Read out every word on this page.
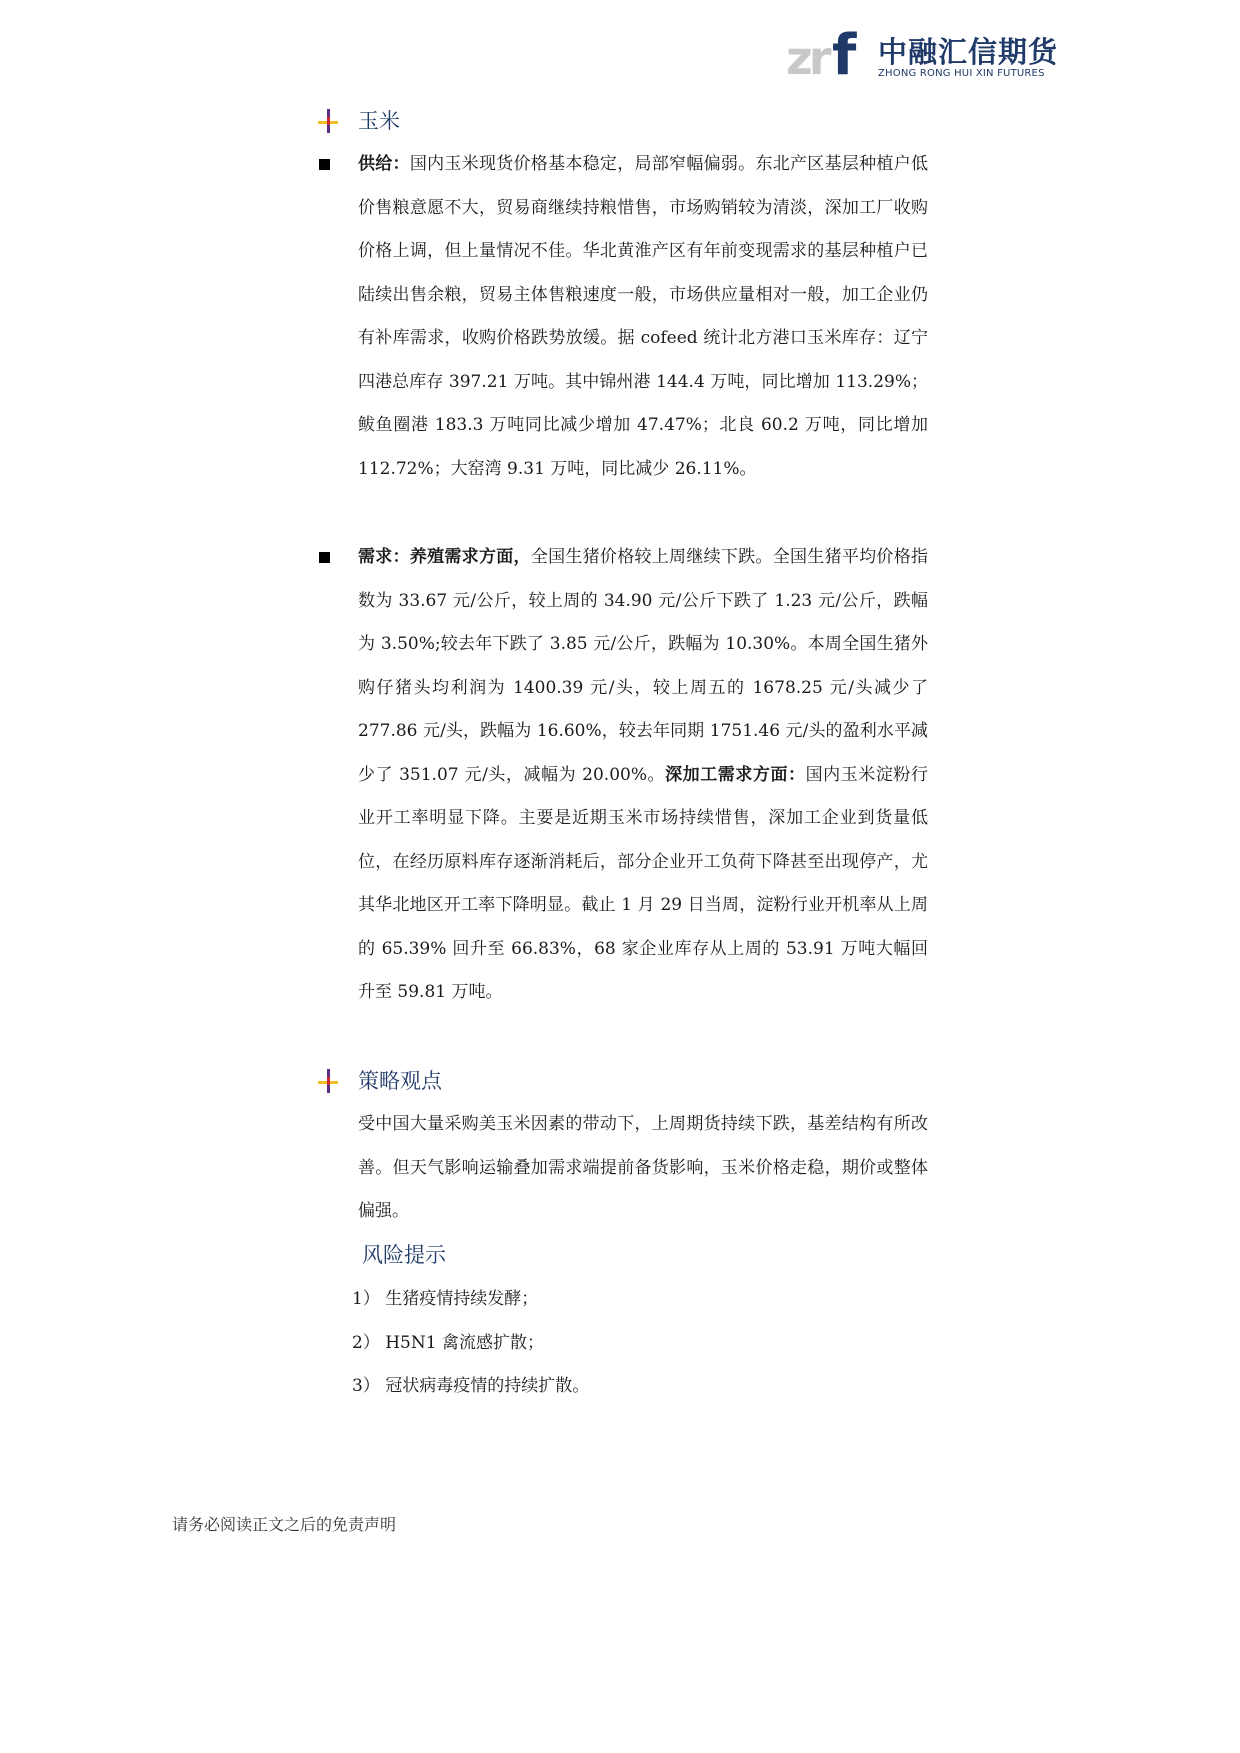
zr f 中融汇信期货
ZHONG RONG HUI XIN FUTURES
玉米

供给：国内玉米现货价格基本稳定，局部窄幅偏弱。东北产区基层种植户低价售粮意愿不大，贸易商继续持粮惜售，市场购销较为清淡，深加工厂收购价格上调，但上量情况不佳。华北黄淮产区有年前变现需求的基层种植户已陆续出售余粮，贸易主体售粮速度一般，市场供应量相对一般，加工企业仍有补库需求，收购价格跌势放缓。据 cofeed 统计北方港口玉米库存：辽宁四港总库存 397.21 万吨。其中锦州港 144.4 万吨，同比增加 113.29%；鲅鱼圈港 183.3 万吨同比减少增加 47.47%；北良 60.2 万吨，同比增加 112.72%；大窑湾 9.31 万吨，同比减少 26.11%。

需求：养殖需求方面，全国生猪价格较上周继续下跌。全国生猪平均价格指数为 33.67 元/公斤，较上周的 34.90 元/公斤下跌了 1.23 元/公斤，跌幅为 3.50%;较去年下跌了 3.85 元/公斤，跌幅为 10.30%。本周全国生猪外购仔猪头均利润为 1400.39 元/头，较上周五的 1678.25 元/头减少了 277.86 元/头，跌幅为 16.60%，较去年同期 1751.46 元/头的盈利水平减少了 351.07 元/头，减幅为 20.00%。深加工需求方面：国内玉米淀粉行业开工率明显下降。主要是近期玉米市场持续惜售，深加工企业到货量低位，在经历原料库存逐渐消耗后，部分企业开工负荷下降甚至出现停产，尤其华北地区开工率下降明显。截止 1 月 29 日当周，淀粉行业开机率从上周的 65.39% 回升至 66.83%，68 家企业库存从上周的 53.91 万吨大幅回升至 59.81 万吨。

策略观点

受中国大量采购美玉米因素的带动下，上周期货持续下跌，基差结构有所改善。但天气影响运输叠加需求端提前备货影响，玉米价格走稳，期价或整体偏强。

风险提示
1） 生猪疫情持续发酵；
2） H5N1 禽流感扩散；
3） 冠状病毒疫情的持续扩散。
请务必阅读正文之后的免责声明
